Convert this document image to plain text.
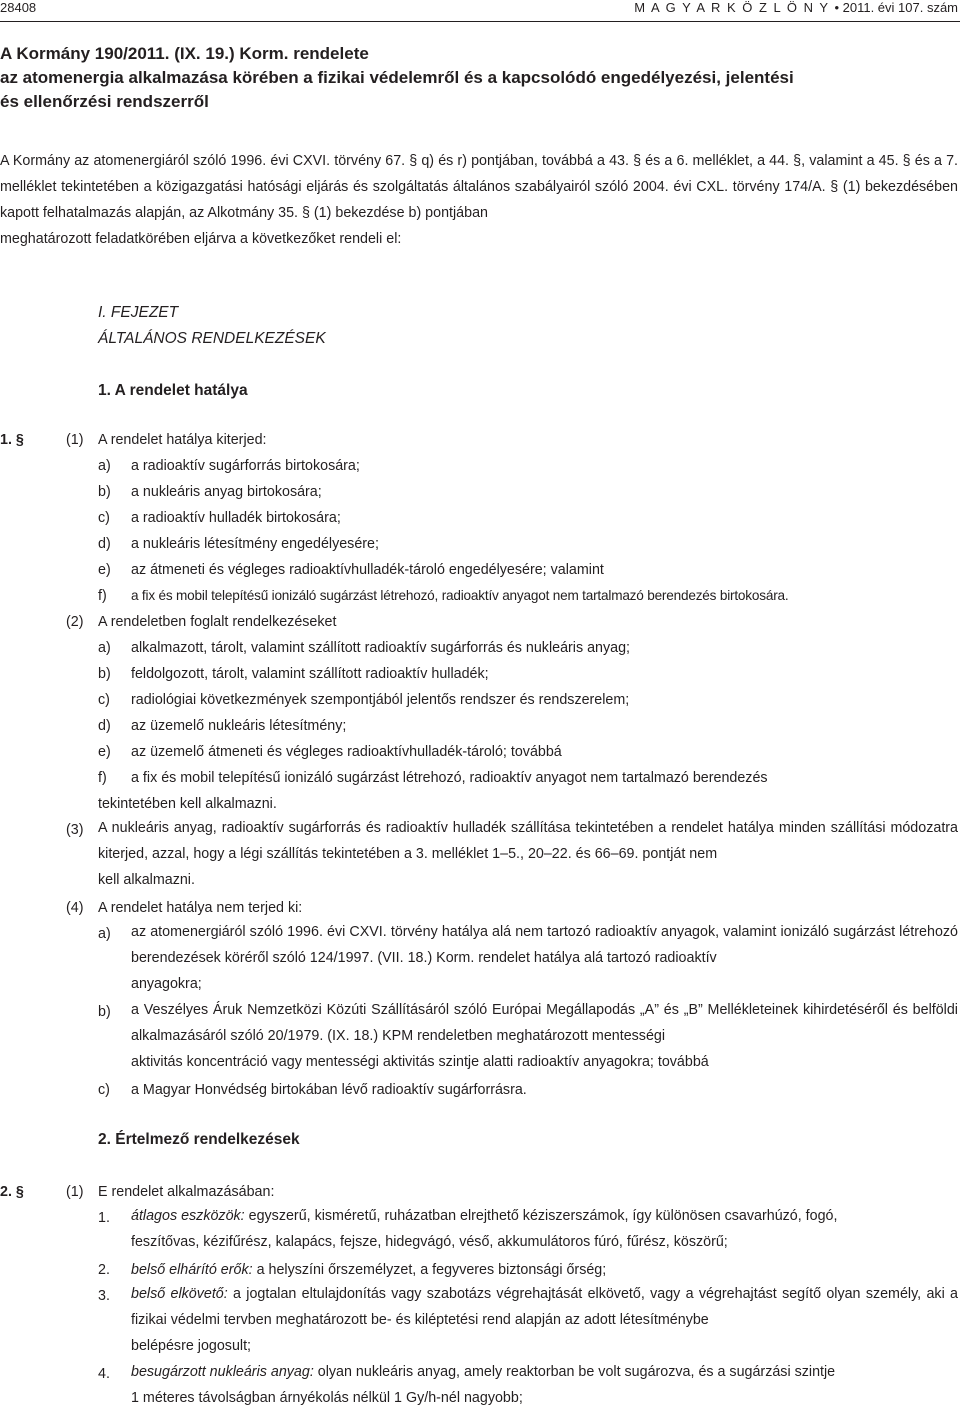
28408	M A G Y A R K Ö Z L Ö N Y • 2011. évi 107. szám
A Kormány 190/2011. (IX. 19.) Korm. rendelete
az atomenergia alkalmazása körében a fizikai védelemről és a kapcsolódó engedélyezési, jelentési
és ellenőrzési rendszerről
A Kormány az atomenergiáról szóló 1996. évi CXVI. törvény 67. § q) és r) pontjában, továbbá a 43. § és a 6. melléklet, a 44. §, valamint a 45. § és a 7. melléklet tekintetében a közigazgatási hatósági eljárás és szolgáltatás általános szabályairól szóló 2004. évi CXL. törvény 174/A. § (1) bekezdésében kapott felhatalmazás alapján, az Alkotmány 35. § (1) bekezdése b) pontjában
meghatározott feladatkörében eljárva a következőket rendeli el:
I. FEJEZET
ÁLTALÁNOS RENDELKEZÉSEK
1. A rendelet hatálya
1. §	(1) A rendelet hatálya kiterjed:
a) a radioaktív sugárforrás birtokosára;
b) a nukleáris anyag birtokosára;
c) a radioaktív hulladék birtokosára;
d) a nukleáris létesítmény engedélyesére;
e) az átmeneti és végleges radioaktívhulladék-tároló engedélyesére; valamint
f) a fix és mobil telepítésű ionizáló sugárzást létrehozó, radioaktív anyagot nem tartalmazó berendezés birtokosára.
(2) A rendeletben foglalt rendelkezéseket
a) alkalmazott, tárolt, valamint szállított radioaktív sugárforrás és nukleáris anyag;
b) feldolgozott, tárolt, valamint szállított radioaktív hulladék;
c) radiológiai következmények szempontjából jelentős rendszer és rendszerelem;
d) az üzemelő nukleáris létesítmény;
e) az üzemelő átmeneti és végleges radioaktívhulladék-tároló; továbbá
f) a fix és mobil telepítésű ionizáló sugárzást létrehozó, radioaktív anyagot nem tartalmazó berendezés
tekintetében kell alkalmazni.
(3) A nukleáris anyag, radioaktív sugárforrás és radioaktív hulladék szállítása tekintetében a rendelet hatálya minden szállítási módozatra kiterjed, azzal, hogy a légi szállítás tekintetében a 3. melléklet 1–5., 20–22. és 66–69. pontját nem
kell alkalmazni.
(4) A rendelet hatálya nem terjed ki:
a) az atomenergiáról szóló 1996. évi CXVI. törvény hatálya alá nem tartozó radioaktív anyagok, valamint ionizáló sugárzást létrehozó berendezések köréről szóló 124/1997. (VII. 18.) Korm. rendelet hatálya alá tartozó radioaktív
anyagokra;
b) a Veszélyes Áruk Nemzetközi Közúti Szállításáról szóló Európai Megállapodás „A” és „B” Mellékleteinek kihirdetéséről és belföldi alkalmazásáról szóló 20/1979. (IX. 18.) KPM rendeletben meghatározott mentességi
aktivitás koncentráció vagy mentességi aktivitás szintje alatti radioaktív anyagokra; továbbá
c) a Magyar Honvédség birtokában lévő radioaktív sugárforrásra.
2. Értelmező rendelkezések
2. §	(1) E rendelet alkalmazásában:
1. átlagos eszközök: egyszerű, kisméretű, ruházatban elrejthető kéziszerszámok, így különösen csavarhúzó, fogó,
feszítővas, kézifűrész, kalapács, fejsze, hidegvágó, véső, akkumulátoros fúró, fűrész, köszörű;
2. belső elhárító erők: a helyszíni őrszemélyzet, a fegyveres biztonsági őrség;
3. belső elkövető: a jogtalan eltulajdonítás vagy szabotázs végrehajtását elkövető, vagy a végrehajtást segítő olyan személy, aki a fizikai védelmi tervben meghatározott be- és kiléptetési rend alapján az adott létesítménybe
belépésre jogosult;
4. besugárzott nukleáris anyag: olyan nukleáris anyag, amely reaktorban be volt sugározva, és a sugárzási szintje
1 méteres távolságban árnyékolás nélkül 1 Gy/h-nél nagyobb;
